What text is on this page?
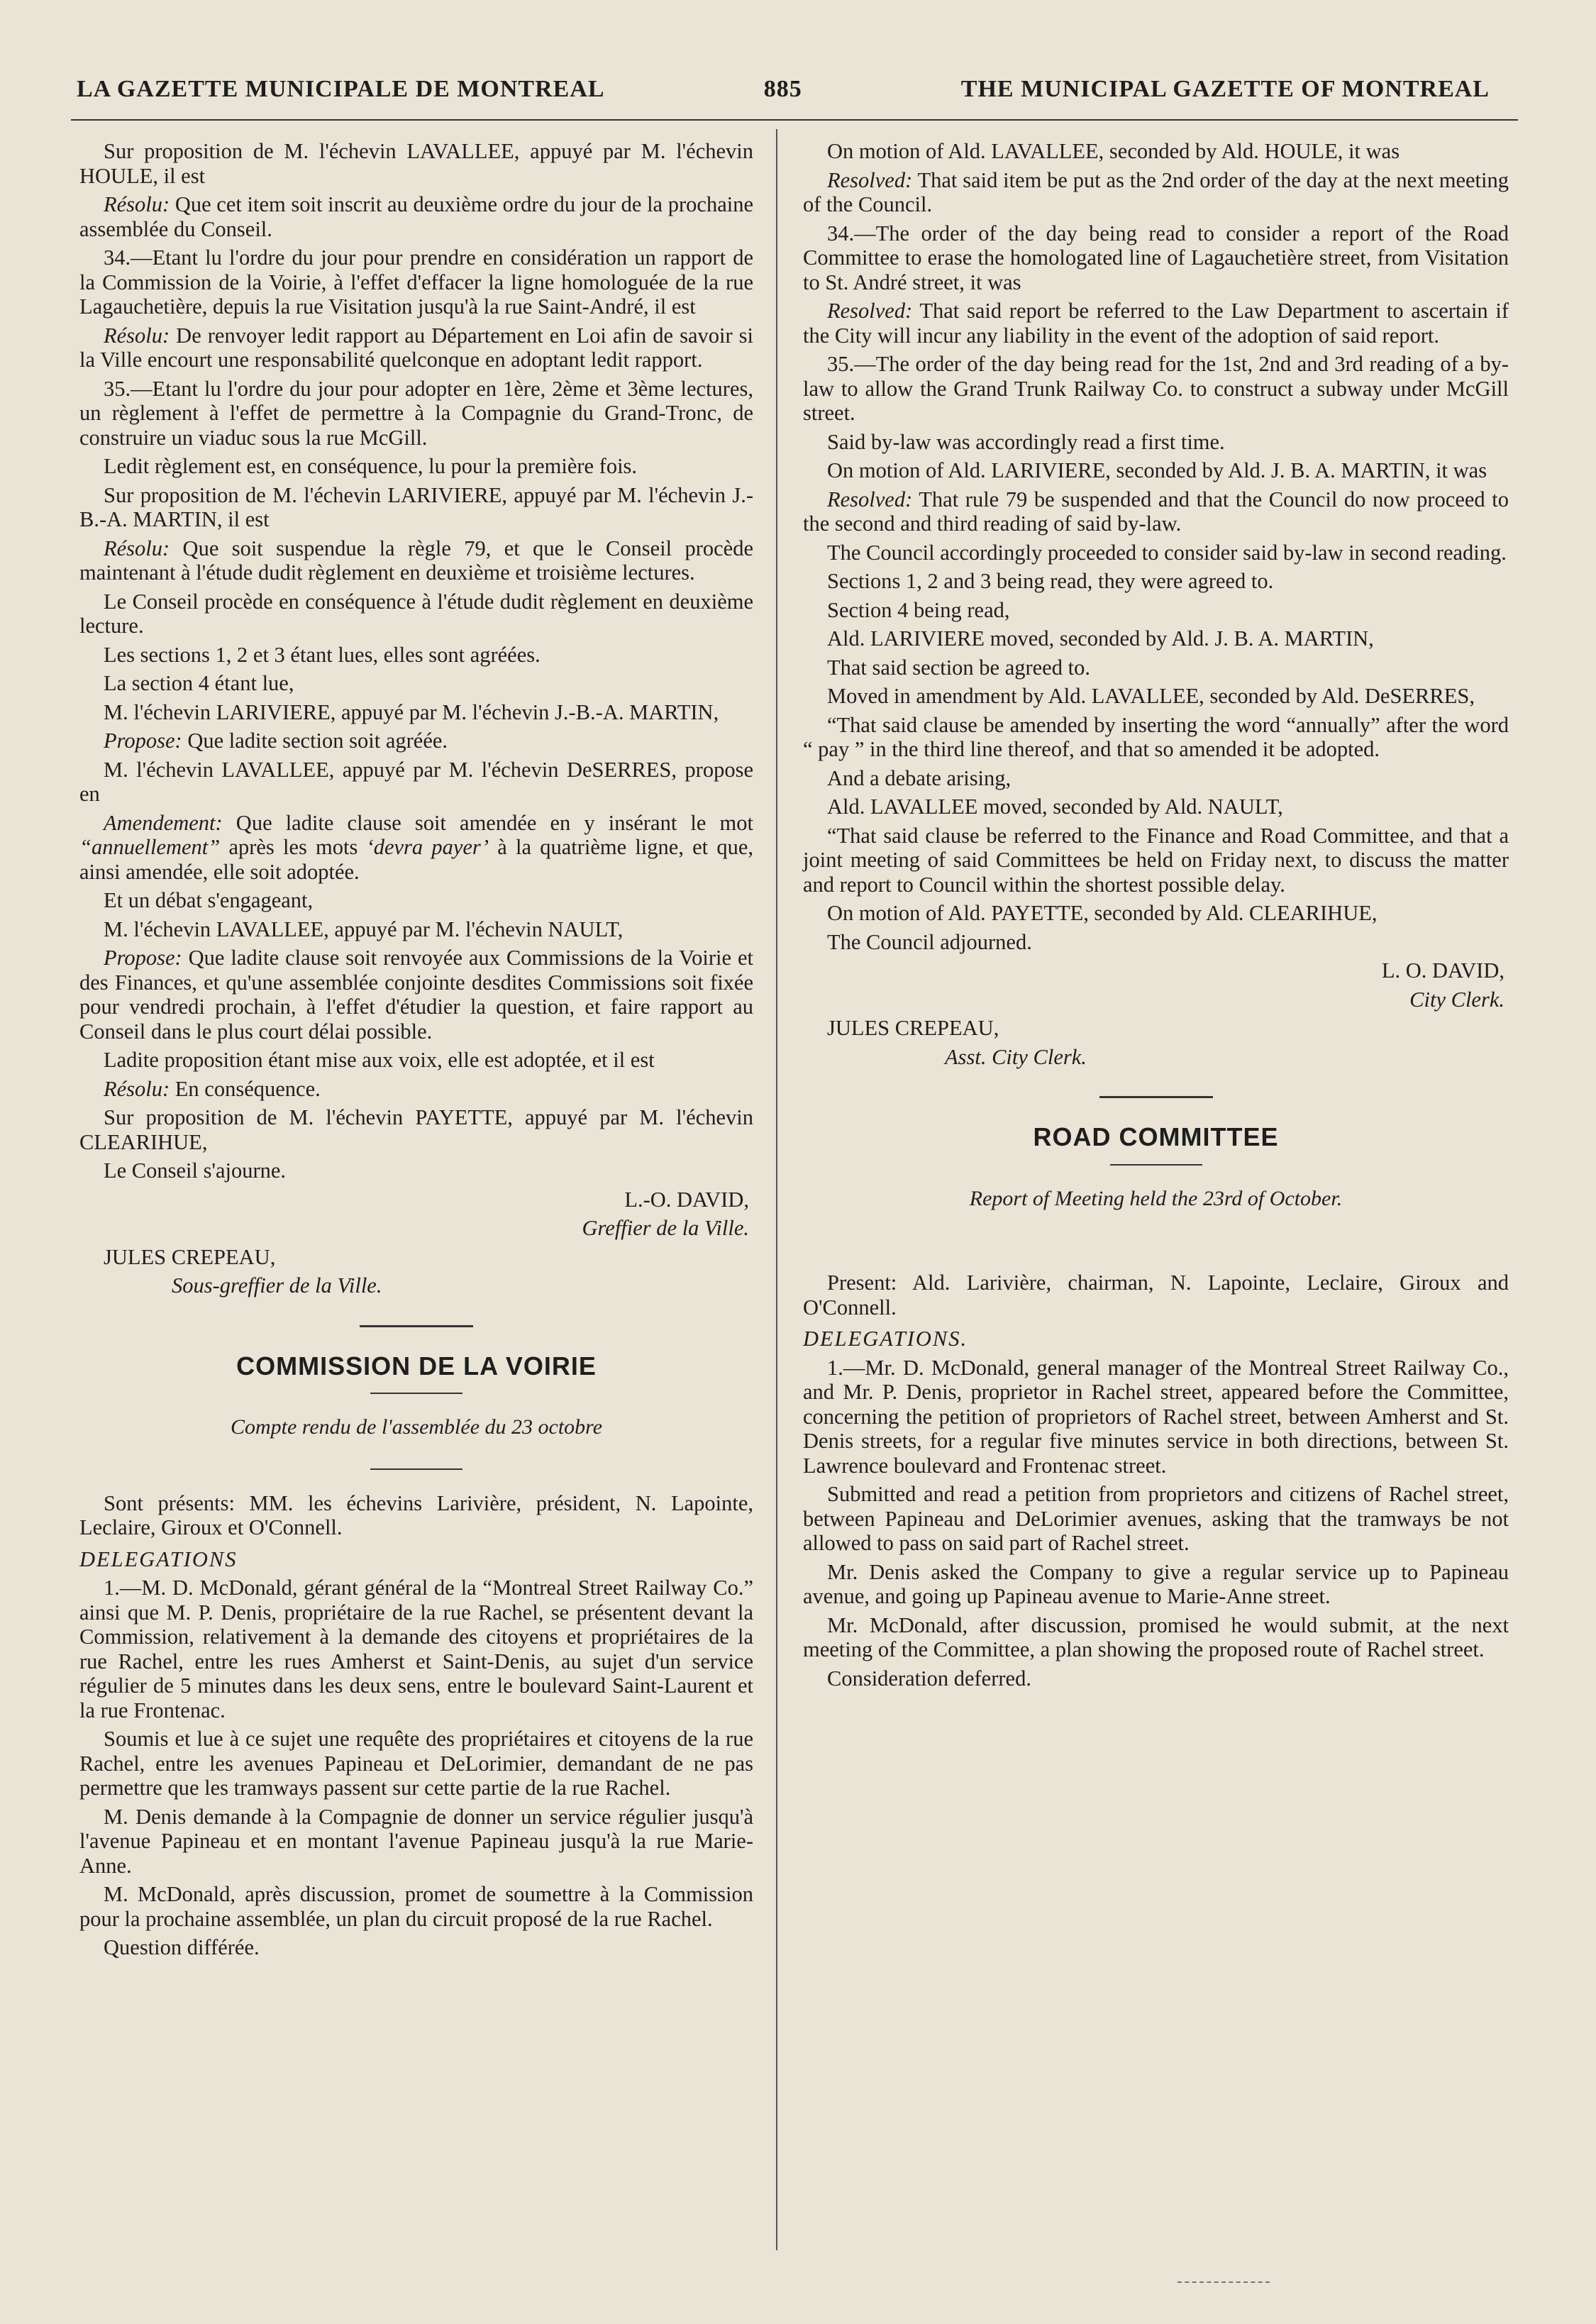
LA GAZETTE MUNICIPALE DE MONTREAL	885	THE MUNICIPAL GAZETTE OF MONTREAL

Sur proposition de M. l'échevin LAVALLEE, appuyé par M. l'échevin HOULE, il est

Résolu: Que cet item soit inscrit au deuxième ordre du jour de la prochaine assemblée du Conseil.

34.—Etant lu l'ordre du jour pour prendre en considération un rapport de la Commission de la Voirie, à l'effet d'effacer la ligne homologuée de la rue Lagauchetière, depuis la rue Visitation jusqu'à la rue Saint-André, il est

Résolu: De renvoyer ledit rapport au Département en Loi afin de savoir si la Ville encourt une responsabilité quelconque en adoptant ledit rapport.

35.—Etant lu l'ordre du jour pour adopter en 1ère, 2ème et 3ème lectures, un règlement à l'effet de permettre à la Compagnie du Grand-Tronc, de construire un viaduc sous la rue McGill.

Ledit règlement est, en conséquence, lu pour la première fois.

Sur proposition de M. l'échevin LARIVIERE, appuyé par M. l'échevin J.-B.-A. MARTIN, il est

Résolu: Que soit suspendue la règle 79, et que le Conseil procède maintenant à l'étude dudit règlement en deuxième et troisième lectures.

Le Conseil procède en conséquence à l'étude dudit règlement en deuxième lecture.

Les sections 1, 2 et 3 étant lues, elles sont agréées.

La section 4 étant lue,

M. l'échevin LARIVIERE, appuyé par M. l'échevin J.-B.-A. MARTIN,

Propose: Que ladite section soit agréée.

M. l'échevin LAVALLEE, appuyé par M. l'échevin DeSERRES, propose en

Amendement: Que ladite clause soit amendée en y insérant le mot “annuellement” après les mots ‘devra payer’ à la quatrième ligne, et que, ainsi amendée, elle soit adoptée.

Et un débat s'engageant,

M. l'échevin LAVALLEE, appuyé par M. l'échevin NAULT,

Propose: Que ladite clause soit renvoyée aux Commissions de la Voirie et des Finances, et qu'une assemblée conjointe desdites Commissions soit fixée pour vendredi prochain, à l'effet d'étudier la question, et faire rapport au Conseil dans le plus court délai possible.

Ladite proposition étant mise aux voix, elle est adoptée, et il est

Résolu: En conséquence.

Sur proposition de M. l'échevin PAYETTE, appuyé par M. l'échevin CLEARIHUE,

Le Conseil s'ajourne.

L.-O. DAVID,

Greffier de la Ville.

JULES CREPEAU,

Sous-greffier de la Ville.

COMMISSION DE LA VOIRIE
Compte rendu de l'assemblée du 23 octobre

Sont présents: MM. les échevins Larivière, président, N. Lapointe, Leclaire, Giroux et O'Connell.

DELEGATIONS

1.—M. D. McDonald, gérant général de la “Montreal Street Railway Co.” ainsi que M. P. Denis, propriétaire de la rue Rachel, se présentent devant la Commission, relativement à la demande des citoyens et propriétaires de la rue Rachel, entre les rues Amherst et Saint-Denis, au sujet d'un service régulier de 5 minutes dans les deux sens, entre le boulevard Saint-Laurent et la rue Frontenac.

Soumis et lue à ce sujet une requête des propriétaires et citoyens de la rue Rachel, entre les avenues Papineau et DeLorimier, demandant de ne pas permettre que les tramways passent sur cette partie de la rue Rachel.

M. Denis demande à la Compagnie de donner un service régulier jusqu'à l'avenue Papineau et en montant l'avenue Papineau jusqu'à la rue Marie-Anne.

M. McDonald, après discussion, promet de soumettre à la Commission pour la prochaine assemblée, un plan du circuit proposé de la rue Rachel.

Question différée.

On motion of Ald. LAVALLEE, seconded by Ald. HOULE, it was

Resolved: That said item be put as the 2nd order of the day at the next meeting of the Council.

34.—The order of the day being read to consider a report of the Road Committee to erase the homologated line of Lagauchetière street, from Visitation to St. André street, it was

Resolved: That said report be referred to the Law Department to ascertain if the City will incur any liability in the event of the adoption of said report.

35.—The order of the day being read for the 1st, 2nd and 3rd reading of a by-law to allow the Grand Trunk Railway Co. to construct a subway under McGill street.

Said by-law was accordingly read a first time.

On motion of Ald. LARIVIERE, seconded by Ald. J. B. A. MARTIN, it was

Resolved: That rule 79 be suspended and that the Council do now proceed to the second and third reading of said by-law.

The Council accordingly proceeded to consider said by-law in second reading.

Sections 1, 2 and 3 being read, they were agreed to.

Section 4 being read,

Ald. LARIVIERE moved, seconded by Ald. J. B. A. MARTIN,

That said section be agreed to.

Moved in amendment by Ald. LAVALLEE, seconded by Ald. DeSERRES,

“That said clause be amended by inserting the word “annually” after the word “ pay ” in the third line thereof, and that so amended it be adopted.

And a debate arising,

Ald. LAVALLEE moved, seconded by Ald. NAULT,

“That said clause be referred to the Finance and Road Committee, and that a joint meeting of said Committees be held on Friday next, to discuss the matter and report to Council within the shortest possible delay.

On motion of Ald. PAYETTE, seconded by Ald. CLEARIHUE,

The Council adjourned.

L. O. DAVID,

City Clerk.

JULES CREPEAU,

Asst. City Clerk.

ROAD COMMITTEE
Report of Meeting held the 23rd of October.

Present: Ald. Larivière, chairman, N. Lapointe, Leclaire, Giroux and O'Connell.

DELEGATIONS.

1.—Mr. D. McDonald, general manager of the Montreal Street Railway Co., and Mr. P. Denis, proprietor in Rachel street, appeared before the Committee, concerning the petition of proprietors of Rachel street, between Amherst and St. Denis streets, for a regular five minutes service in both directions, between St. Lawrence boulevard and Frontenac street.

Submitted and read a petition from proprietors and citizens of Rachel street, between Papineau and DeLorimier avenues, asking that the tramways be not allowed to pass on said part of Rachel street.

Mr. Denis asked the Company to give a regular service up to Papineau avenue, and going up Papineau avenue to Marie-Anne street.

Mr. McDonald, after discussion, promised he would submit, at the next meeting of the Committee, a plan showing the proposed route of Rachel street.

Consideration deferred.
